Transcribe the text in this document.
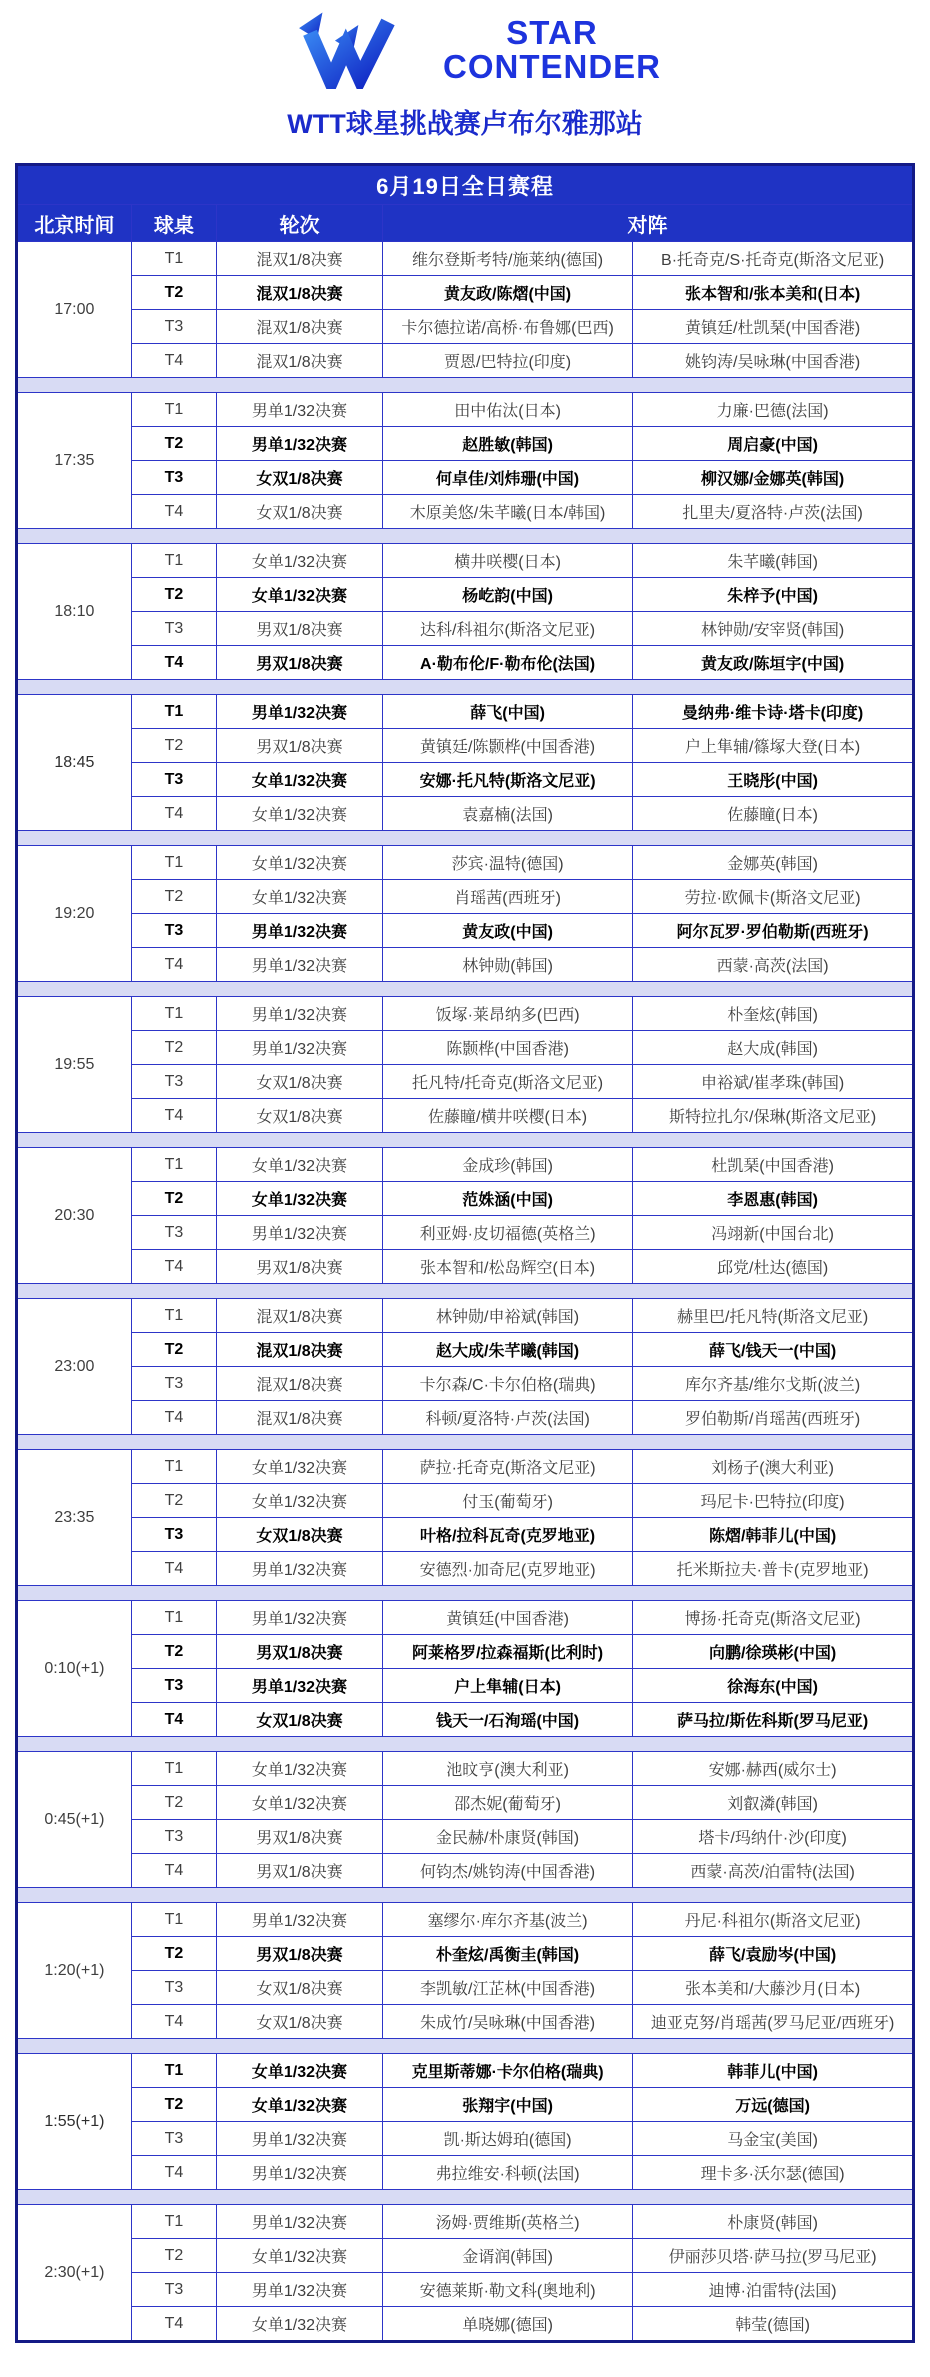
STAR
CONTENDER
WTT球星挑战赛卢布尔雅那站
6月19日全日赛程				
北京时间	球桌	轮次	对阵	
17:00	T1	混双1/8决赛	维尔登斯考特/施莱纳(德国)	B·托奇克/S·托奇克(斯洛文尼亚)
	T2	混双1/8决赛	黄友政/陈熠(中国)	张本智和/张本美和(日本)
	T3	混双1/8决赛	卡尔德拉诺/高桥·布鲁娜(巴西)	黄镇廷/杜凯琹(中国香港)
	T4	混双1/8决赛	贾恩/巴特拉(印度)	姚钧涛/吴咏琳(中国香港)

17:35	T1	男单1/32决赛	田中佑汰(日本)	力廉·巴德(法国)
	T2	男单1/32决赛	赵胜敏(韩国)	周启豪(中国)
	T3	女双1/8决赛	何卓佳/刘炜珊(中国)	柳汉娜/金娜英(韩国)
	T4	女双1/8决赛	木原美悠/朱芊曦(日本/韩国)	扎里夫/夏洛特·卢茨(法国)

18:10	T1	女单1/32决赛	横井咲樱(日本)	朱芊曦(韩国)
	T2	女单1/32决赛	杨屹韵(中国)	朱梓予(中国)
	T3	男双1/8决赛	达科/科祖尔(斯洛文尼亚)	林钟勋/安宰贤(韩国)
	T4	男双1/8决赛	A·勒布伦/F·勒布伦(法国)	黄友政/陈垣宇(中国)

18:45	T1	男单1/32决赛	薛飞(中国)	曼纳弗·维卡诗·塔卡(印度)
	T2	男双1/8决赛	黄镇廷/陈颢桦(中国香港)	户上隼辅/篠塚大登(日本)
	T3	女单1/32决赛	安娜·托凡特(斯洛文尼亚)	王晓彤(中国)
	T4	女单1/32决赛	袁嘉楠(法国)	佐藤瞳(日本)

19:20	T1	女单1/32决赛	莎宾·温特(德国)	金娜英(韩国)
	T2	女单1/32决赛	肖瑶茜(西班牙)	劳拉·欧佩卡(斯洛文尼亚)
	T3	男单1/32决赛	黄友政(中国)	阿尔瓦罗·罗伯勒斯(西班牙)
	T4	男单1/32决赛	林钟勋(韩国)	西蒙·高茨(法国)

19:55	T1	男单1/32决赛	饭塚·莱昂纳多(巴西)	朴奎炫(韩国)
	T2	男单1/32决赛	陈颢桦(中国香港)	赵大成(韩国)
	T3	女双1/8决赛	托凡特/托奇克(斯洛文尼亚)	申裕斌/崔孝珠(韩国)
	T4	女双1/8决赛	佐藤瞳/横井咲樱(日本)	斯特拉扎尔/保琳(斯洛文尼亚)

20:30	T1	女单1/32决赛	金成珍(韩国)	杜凯琹(中国香港)
	T2	女单1/32决赛	范姝涵(中国)	李恩惠(韩国)
	T3	男单1/32决赛	利亚姆·皮切福德(英格兰)	冯翊新(中国台北)
	T4	男双1/8决赛	张本智和/松岛辉空(日本)	邱党/杜达(德国)

23:00	T1	混双1/8决赛	林钟勋/申裕斌(韩国)	赫里巴/托凡特(斯洛文尼亚)
	T2	混双1/8决赛	赵大成/朱芊曦(韩国)	薛飞/钱天一(中国)
	T3	混双1/8决赛	卡尔森/C·卡尔伯格(瑞典)	库尔齐基/维尔戈斯(波兰)
	T4	混双1/8决赛	科顿/夏洛特·卢茨(法国)	罗伯勒斯/肖瑶茜(西班牙)

23:35	T1	女单1/32决赛	萨拉·托奇克(斯洛文尼亚)	刘杨子(澳大利亚)
	T2	女单1/32决赛	付玉(葡萄牙)	玛尼卡·巴特拉(印度)
	T3	女双1/8决赛	叶格/拉科瓦奇(克罗地亚)	陈熠/韩菲儿(中国)
	T4	男单1/32决赛	安德烈·加奇尼(克罗地亚)	托米斯拉夫·普卡(克罗地亚)

0:10(+1)	T1	男单1/32决赛	黄镇廷(中国香港)	博扬·托奇克(斯洛文尼亚)
	T2	男双1/8决赛	阿莱格罗/拉森福斯(比利时)	向鹏/徐瑛彬(中国)
	T3	男单1/32决赛	户上隼辅(日本)	徐海东(中国)
	T4	女双1/8决赛	钱天一/石洵瑶(中国)	萨马拉/斯佐科斯(罗马尼亚)

0:45(+1)	T1	女单1/32决赛	池旼亨(澳大利亚)	安娜·赫西(威尔士)
	T2	女单1/32决赛	邵杰妮(葡萄牙)	刘叡潾(韩国)
	T3	男双1/8决赛	金民赫/朴康贤(韩国)	塔卡/玛纳什·沙(印度)
	T4	男双1/8决赛	何钧杰/姚钧涛(中国香港)	西蒙·高茨/泊雷特(法国)

1:20(+1)	T1	男单1/32决赛	塞缪尔·库尔齐基(波兰)	丹尼·科祖尔(斯洛文尼亚)
	T2	男双1/8决赛	朴奎炫/禹衡圭(韩国)	薛飞/袁励岑(中国)
	T3	女双1/8决赛	李凯敏/江芷林(中国香港)	张本美和/大藤沙月(日本)
	T4	女双1/8决赛	朱成竹/吴咏琳(中国香港)	迪亚克努/肖瑶茜(罗马尼亚/西班牙)

1:55(+1)	T1	女单1/32决赛	克里斯蒂娜·卡尔伯格(瑞典)	韩菲儿(中国)
	T2	女单1/32决赛	张翔宇(中国)	万远(德国)
	T3	男单1/32决赛	凯·斯达姆珀(德国)	马金宝(美国)
	T4	男单1/32决赛	弗拉维安·科顿(法国)	理卡多·沃尔瑟(德国)

2:30(+1)	T1	男单1/32决赛	汤姆·贾维斯(英格兰)	朴康贤(韩国)
	T2	女单1/32决赛	金谞润(韩国)	伊丽莎贝塔·萨马拉(罗马尼亚)
	T3	男单1/32决赛	安德莱斯·勒文科(奥地利)	迪博·泊雷特(法国)
	T4	女单1/32决赛	单晓娜(德国)	韩莹(德国)
